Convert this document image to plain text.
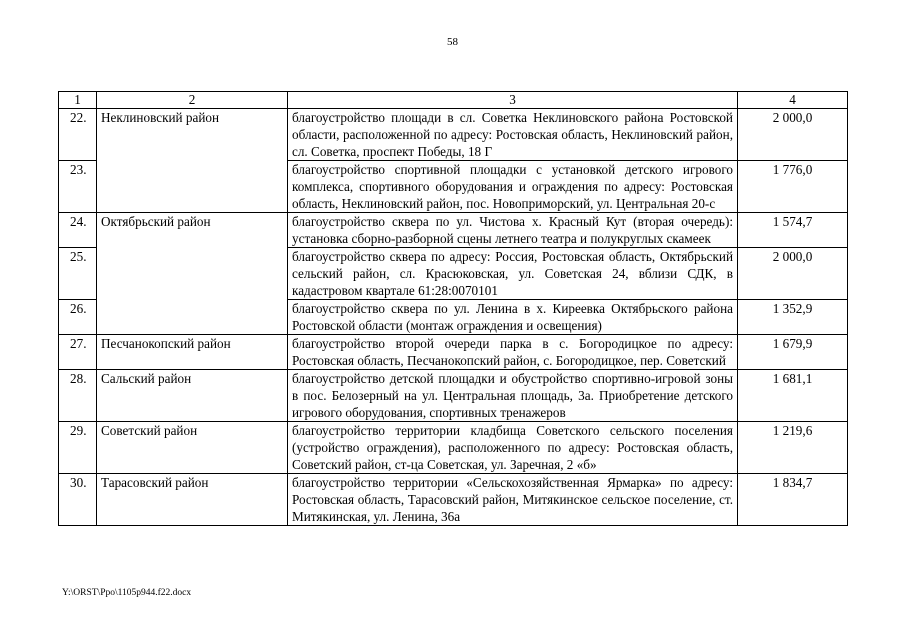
58
1	2	3	4
22.	Неклиновский район	благоустройство площади в сл. Советка Неклиновского района Ростовской области, расположенной по адресу: Ростовская область, Неклиновский район, сл. Советка, проспект Победы, 18 Г	2 000,0
23.		благоустройство спортивной площадки с установкой детского игрового комплекса, спортивного оборудования и ограждения по адресу: Ростовская область, Неклиновский район, пос. Новоприморский, ул. Центральная 20-с	1 776,0
24.	Октябрьский район	благоустройство сквера по ул. Чистова х. Красный Кут (вторая очередь): установка сборно-разборной сцены летнего театра и полукруглых скамеек	1 574,7
25.		благоустройство сквера по адресу: Россия, Ростовская область, Октябрьский сельский район, сл. Красюковская, ул. Советская 24, вблизи СДК, в кадастровом квартале 61:28:0070101	2 000,0
26.		благоустройство сквера по ул. Ленина в х. Киреевка Октябрьского района Ростовской области (монтаж ограждения и освещения)	1 352,9
27.	Песчанокопский район	благоустройство второй очереди парка в с. Богородицкое по адресу: Ростовская область, Песчанокопский район, с. Богородицкое, пер. Советский	1 679,9
28.	Сальский район	благоустройство детской площадки и обустройство спортивно-игровой зоны в пос. Белозерный на ул. Центральная площадь, 3а. Приобретение детского игрового оборудования, спортивных тренажеров	1 681,1
29.	Советский район	благоустройство территории кладбища Советского сельского поселения (устройство ограждения), расположенного по адресу: Ростовская область, Советский район, ст-ца Советская, ул. Заречная, 2 «б»	1 219,6
30.	Тарасовский район	благоустройство территории «Сельскохозяйственная Ярмарка» по адресу: Ростовская область, Тарасовский район, Митякинское сельское поселение, ст. Митякинская, ул. Ленина, 36а	1 834,7
Y:\ORST\Ppo\1105p944.f22.docx
